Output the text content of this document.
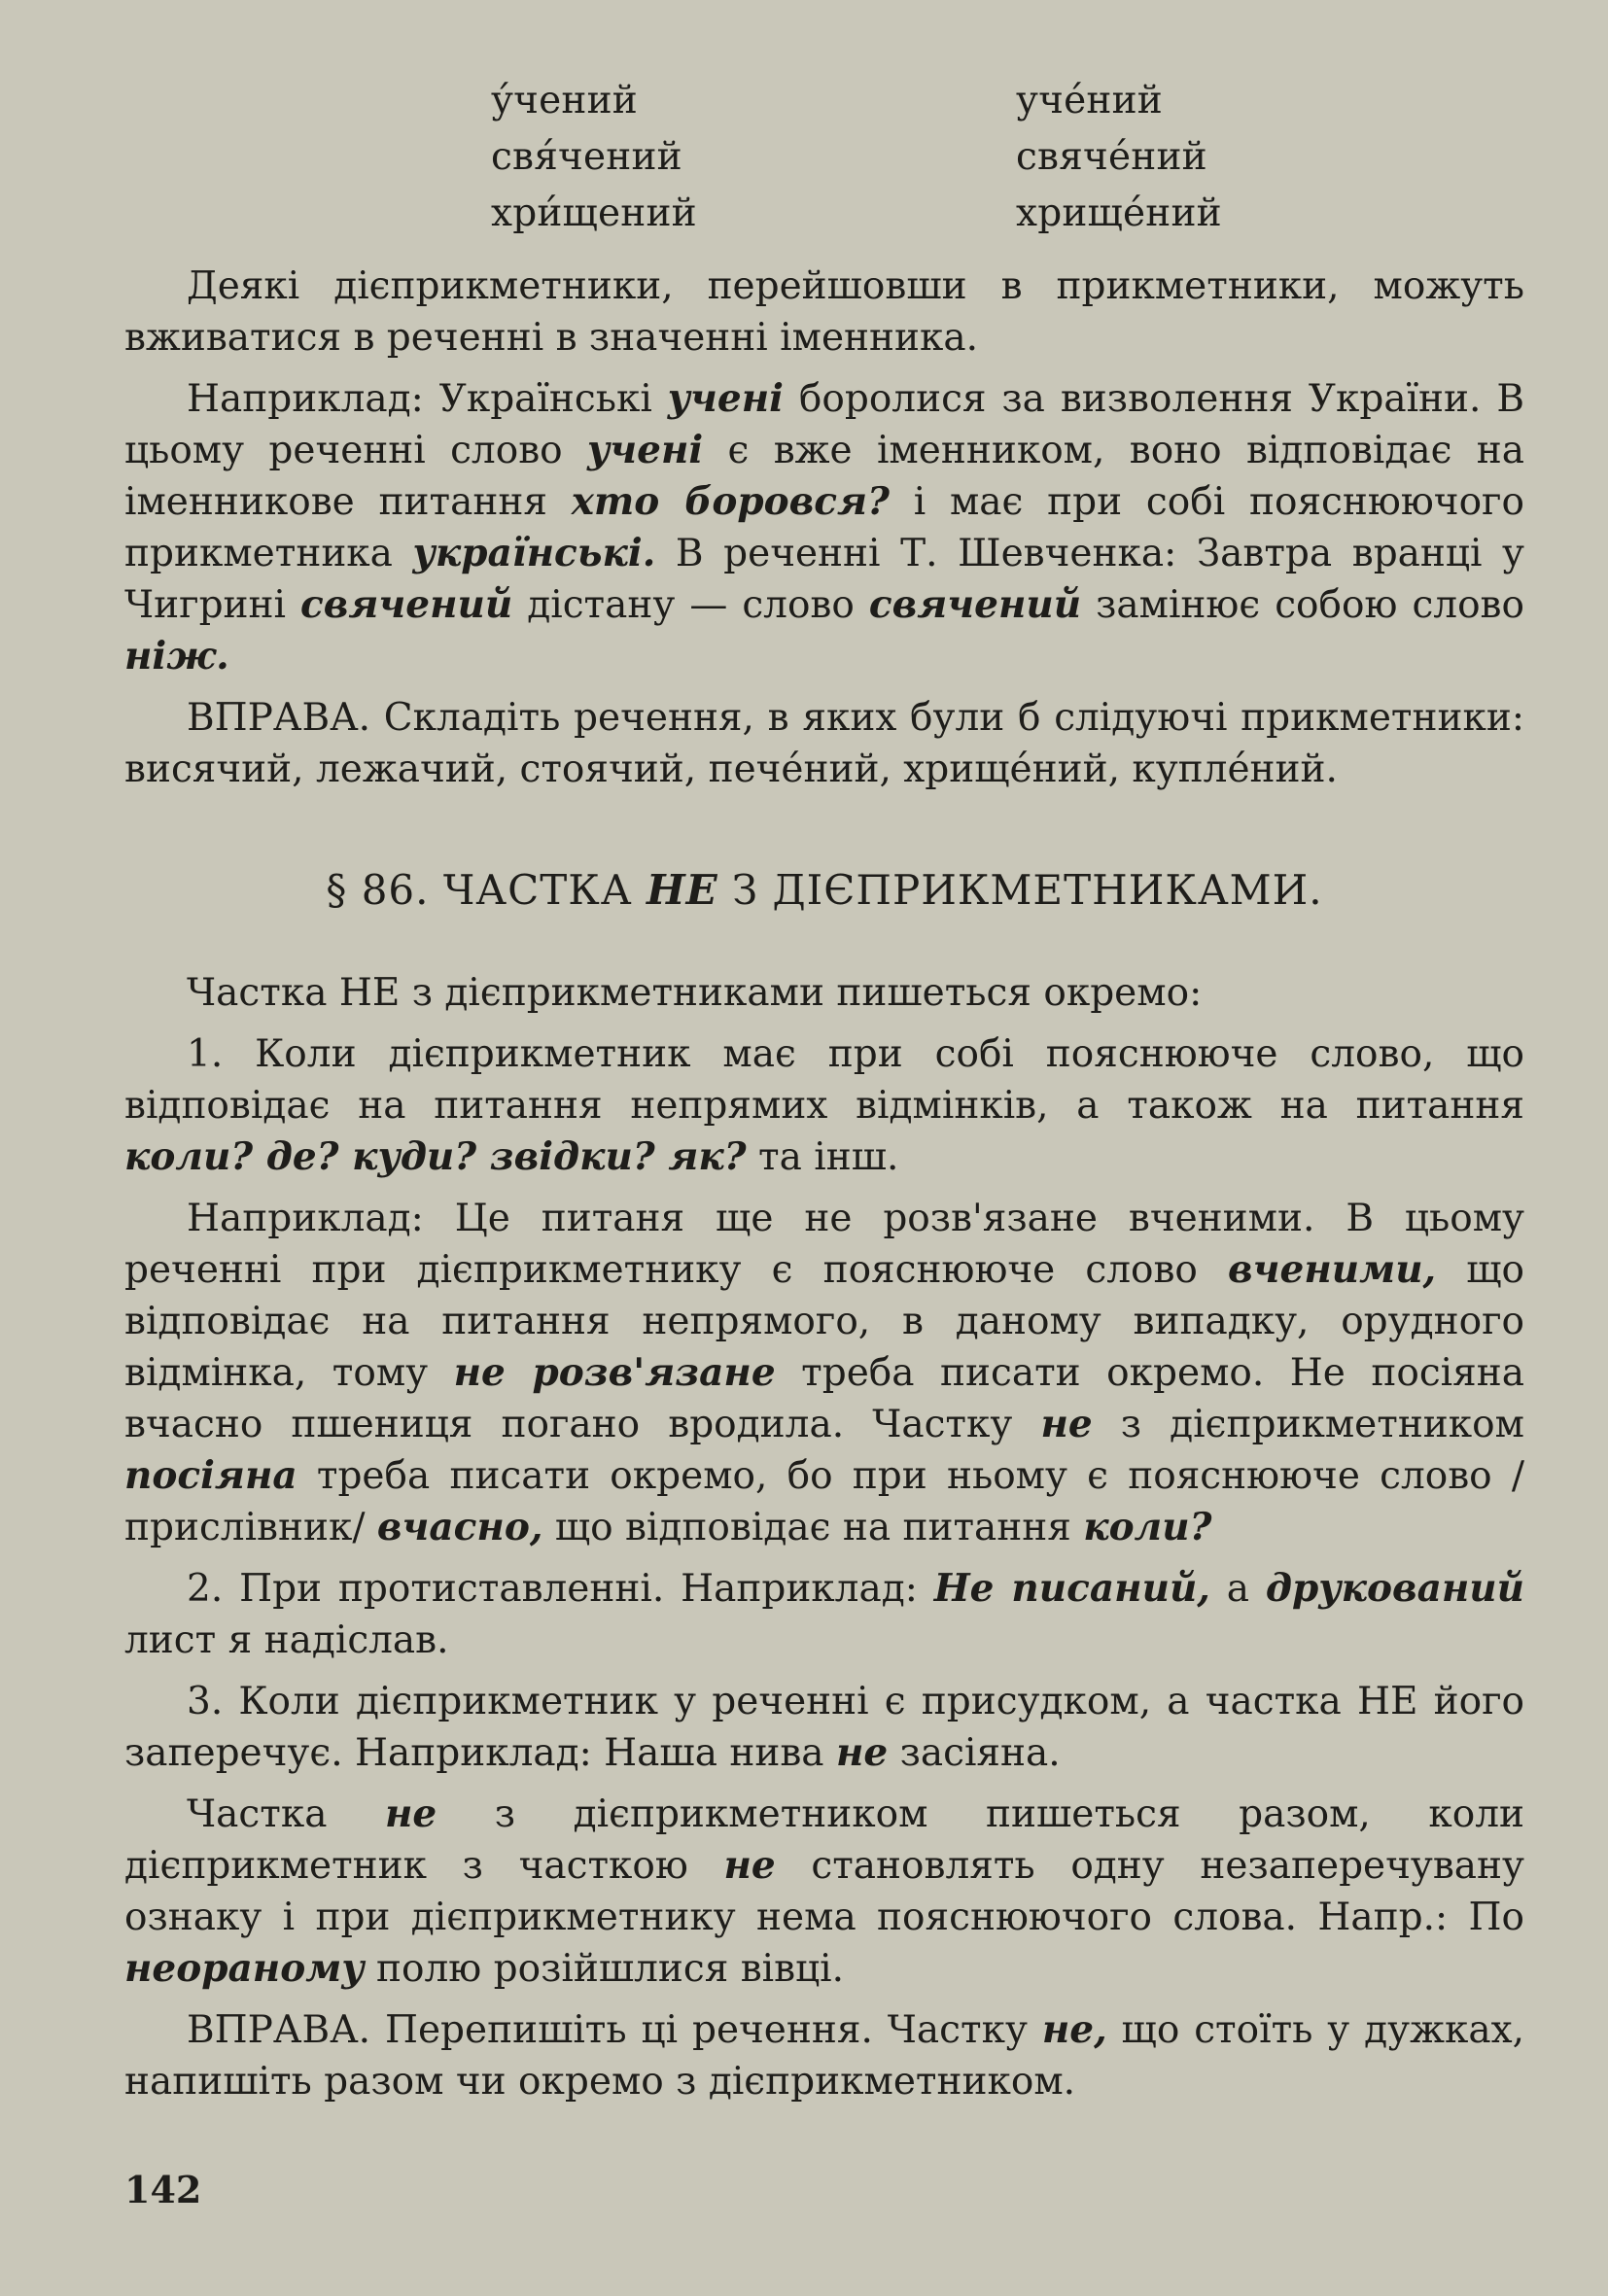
у́чений	уче́ний
свя́чений	свяче́ний
хри́щений	хрище́ний

Деякі дієприкметники, перейшовши в прикметники, можуть вживатися в реченні в значенні іменника.

Наприклад: Українські учені боролися за визволення України. В цьому реченні слово учені є вже іменником, воно відповідає на іменникове питання хто боровся? і має при собі пояснюючого прикметника українські. В реченні Т. Шевченка: Завтра вранці у Чигрині свячений дістану — слово свячений замінює собою слово ніж.

ВПРАВА. Складіть речення, в яких були б слідуючі прикметники: висячий, лежачий, стоячий, пече́ний, хрище́ний, купле́ний.

§ 86. ЧАСТКА НЕ З ДІЄПРИКМЕТНИКАМИ.

Частка НЕ з дієприкметниками пишеться окремо:

1. Коли дієприкметник має при собі пояснююче слово, що відповідає на питання непрямих відмінків, а також на питання коли? де? куди? звідки? як? та інш.

Наприклад: Це питаня ще не розв'язане вченими. В цьому реченні при дієприкметнику є пояснююче слово вченими, що відповідає на питання непрямого, в даному випадку, орудного відмінка, тому не розв'язане треба писати окремо. Не посіяна вчасно пшениця погано вродила. Частку не з дієприкметником посіяна треба писати окремо, бо при ньому є пояснююче слово /прислівник/ вчасно, що відповідає на питання коли?

2. При протиставленні. Наприклад: Не писаний, а друкований лист я надіслав.

3. Коли дієприкметник у реченні є присудком, а частка НЕ його заперечує. Наприклад: Наша нива не засіяна.

Частка не з дієприкметником пишеться разом, коли дієприкметник з часткою не становлять одну незаперечувану ознаку і при дієприкметнику нема пояснюючого слова. Напр.: По неораному полю розійшлися вівці.

ВПРАВА. Перепишіть ці речення. Частку не, що стоїть у дужках, напишіть разом чи окремо з дієприкметником.

142
